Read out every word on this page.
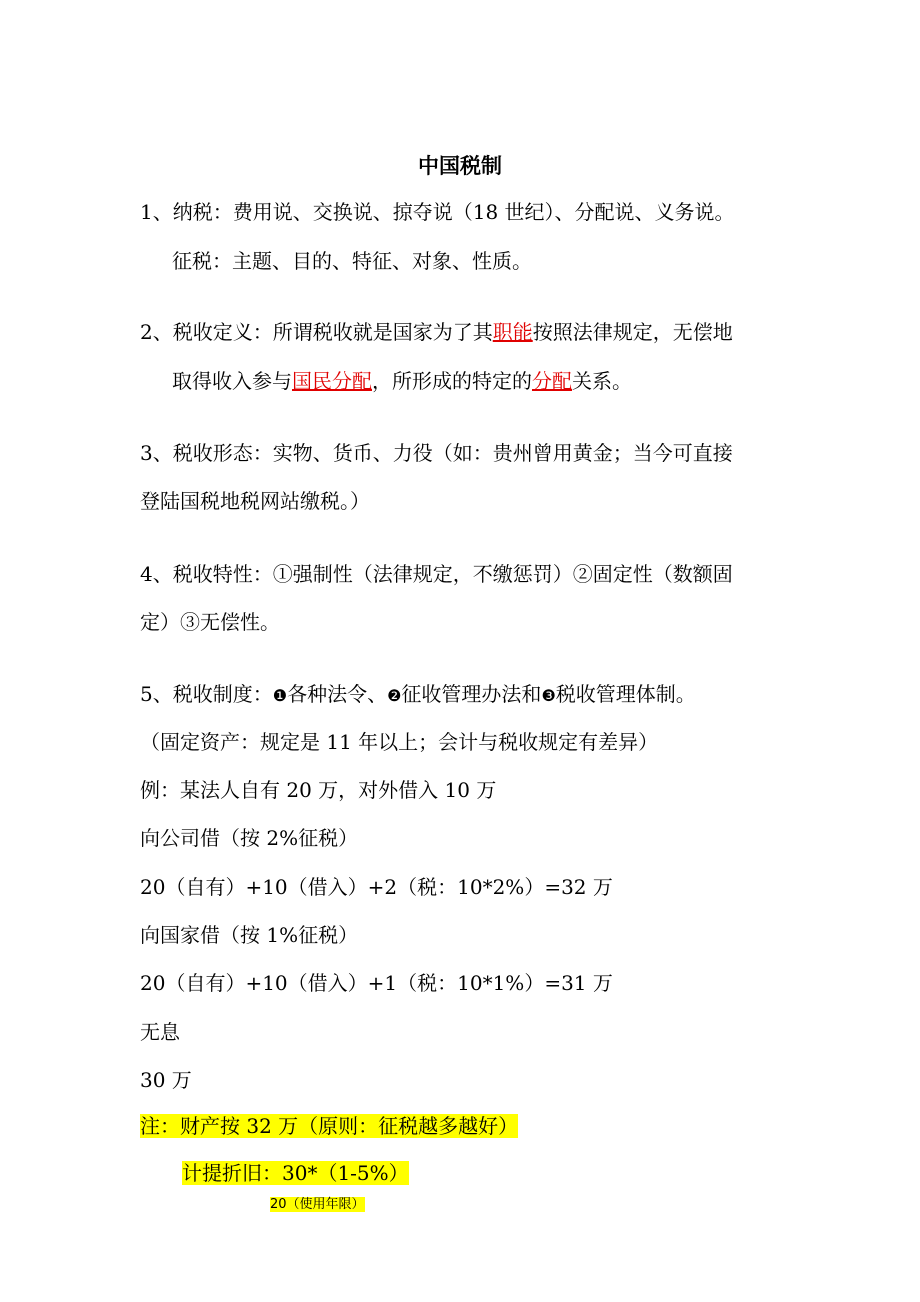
中国税制
1、纳税：费用说、交换说、掠夺说（18 世纪）、分配说、义务说。
征税：主题、目的、特征、对象、性质。
2、税收定义：所谓税收就是国家为了其职能按照法律规定，无偿地
取得收入参与国民分配，所形成的特定的分配关系。
3、税收形态：实物、货币、力役（如：贵州曾用黄金；当今可直接
登陆国税地税网站缴税。）
4、税收特性：①强制性（法律规定，不缴惩罚）②固定性（数额固
定）③无偿性。
5、税收制度：❶各种法令、❷征收管理办法和❸税收管理体制。
（固定资产：规定是 11 年以上；会计与税收规定有差异）
例：某法人自有 20 万，对外借入 10 万
向公司借（按 2%征税）
20（自有）+10（借入）+2（税：10*2%）=32 万
向国家借（按 1%征税）
20（自有）+10（借入）+1（税：10*1%）=31 万
无息
30 万
注：财产按 32 万（原则：征税越多越好）
计提折旧：30*（1-5%）
20（使用年限）
